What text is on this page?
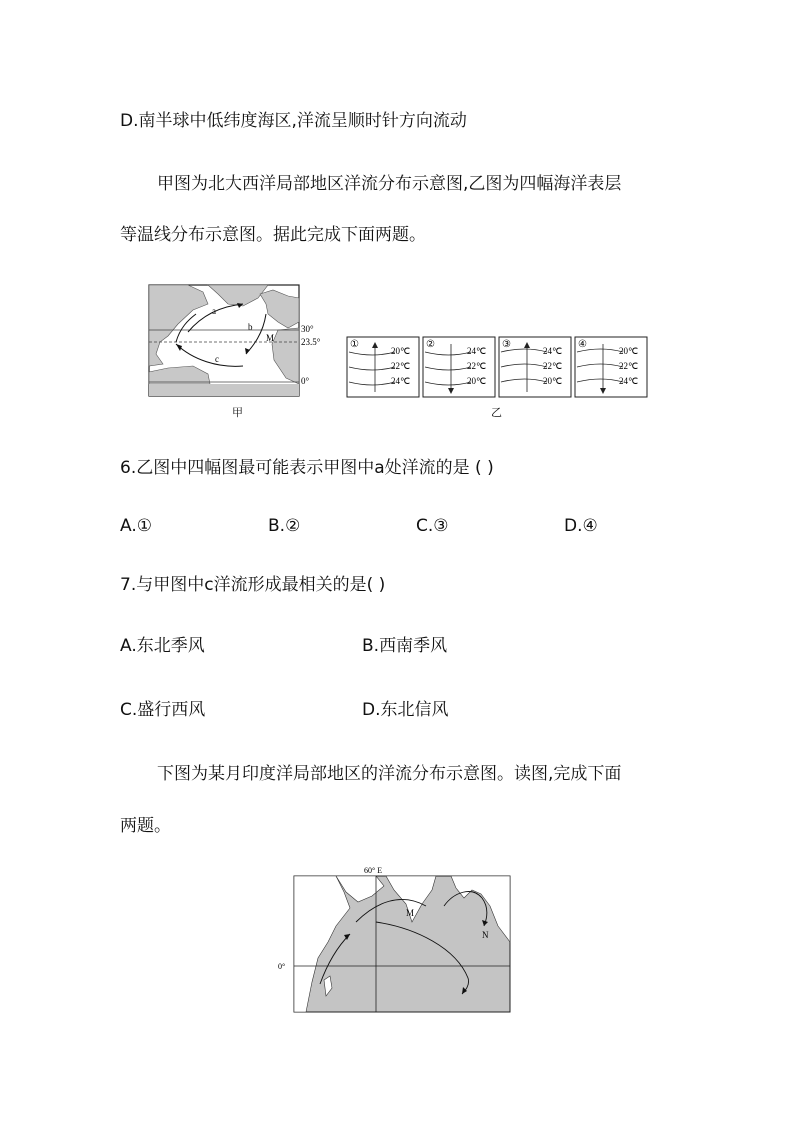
D.南半球中低纬度海区,洋流呈顺时针方向流动
甲图为北大西洋局部地区洋流分布示意图,乙图为四幅海洋表层
等温线分布示意图。据此完成下面两题。
a
b
c
M
30°
23.5°
0°
甲
①
20℃
22℃
24℃
②
24℃
22℃
20℃
③
24℃
22℃
20℃
④
20℃
22℃
24℃
乙
6.乙图中四幅图最可能表示甲图中a处洋流的是 ( )
A.①	B.②	C.③	D.④
7.与甲图中c洋流形成最相关的是( )
A.东北季风	B.西南季风
C.盛行西风	D.东北信风
下图为某月印度洋局部地区的洋流分布示意图。读图,完成下面
两题。
60° E
0°
M
N
